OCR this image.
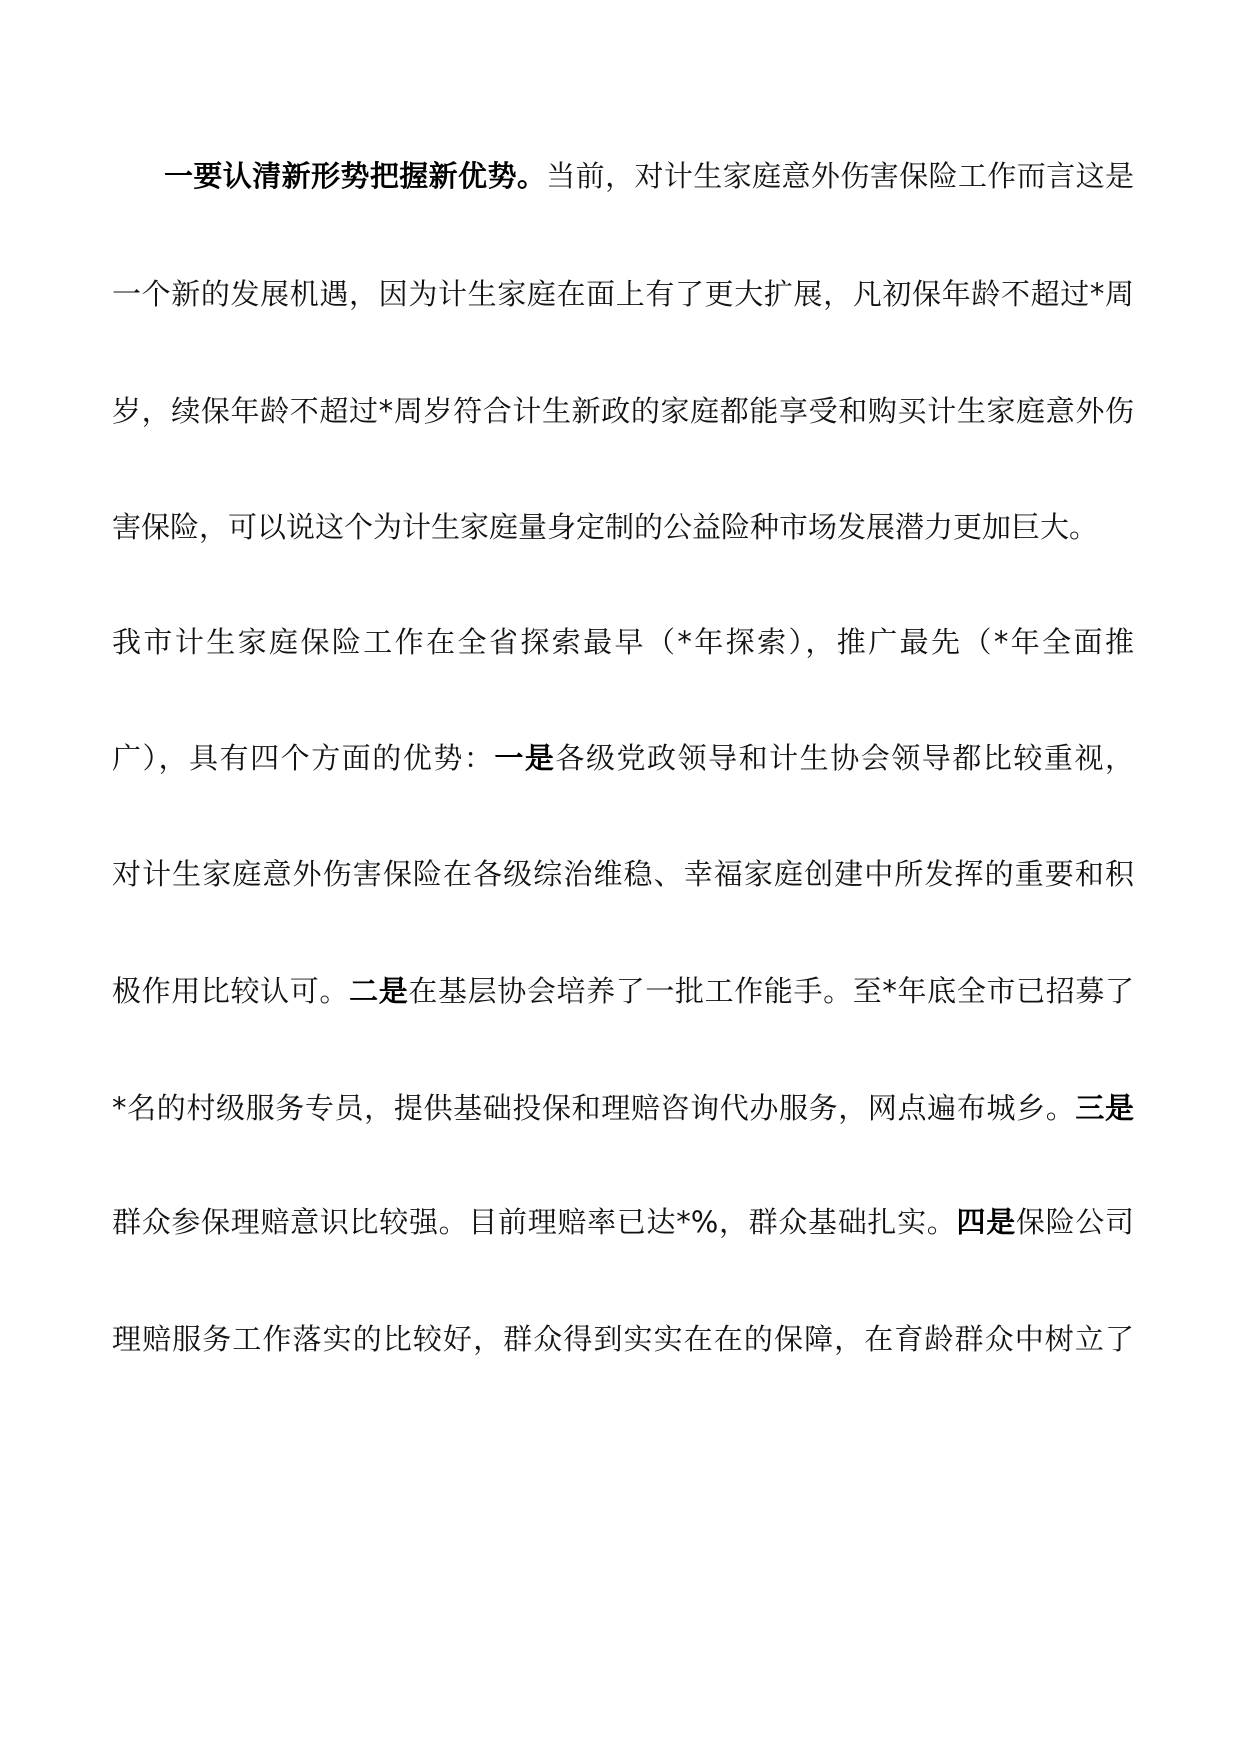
一要认清新形势把握新优势。当前，对计生家庭意外伤害保险工作而言这是
一个新的发展机遇，因为计生家庭在面上有了更大扩展，凡初保年龄不超过*周
岁，续保年龄不超过*周岁符合计生新政的家庭都能享受和购买计生家庭意外伤
害保险，可以说这个为计生家庭量身定制的公益险种市场发展潜力更加巨大。
我市计生家庭保险工作在全省探索最早（*年探索），推广最先（*年全面推
广），具有四个方面的优势：一是各级党政领导和计生协会领导都比较重视，
对计生家庭意外伤害保险在各级综治维稳、幸福家庭创建中所发挥的重要和积
极作用比较认可。二是在基层协会培养了一批工作能手。至*年底全市已招募了
*名的村级服务专员，提供基础投保和理赔咨询代办服务，网点遍布城乡。三是
群众参保理赔意识比较强。目前理赔率已达*%，群众基础扎实。四是保险公司
理赔服务工作落实的比较好，群众得到实实在在的保障，在育龄群众中树立了
